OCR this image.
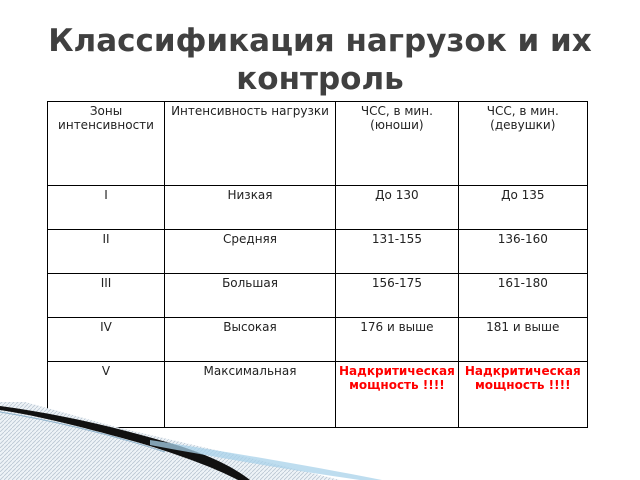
Классификация нагрузок и их контроль
Зоны интенсивности	Интенсивность нагрузки	ЧСС, в мин. (юноши)	ЧСС, в мин. (девушки)
I	Низкая	До 130	До 135
II	Средняя	131-155	136-160
III	Большая	156-175	161-180
IV	Высокая	176 и выше	181 и выше
V	Максимальная	Надкритическая мощность !!!!	Надкритическая мощность !!!!
